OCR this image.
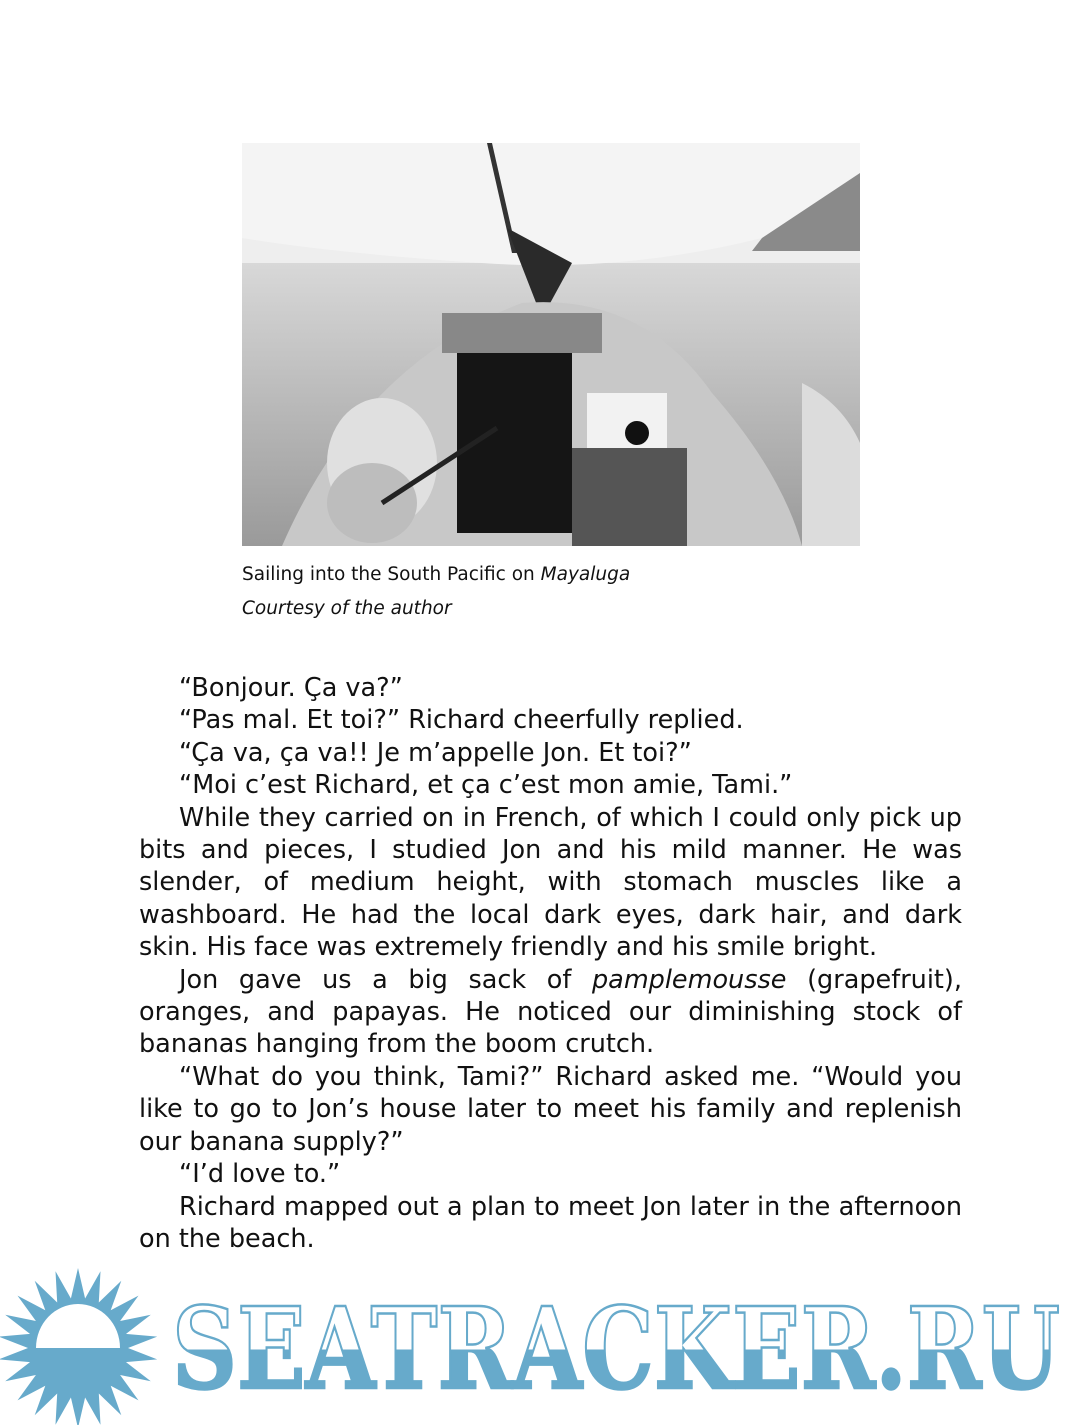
Sailing into the South Pacific on Mayaluga
Courtesy of the author

“Bonjour. Ça va?”

“Pas mal. Et toi?” Richard cheerfully replied.

“Ça va, ça va!! Je m’appelle Jon. Et toi?”

“Moi c’est Richard, et ça c’est mon amie, Tami.”

While they carried on in French, of which I could only pick up bits and pieces, I studied Jon and his mild manner. He was slender, of medium height, with stomach muscles like a washboard. He had the local dark eyes, dark hair, and dark skin. His face was extremely friendly and his smile bright.

Jon gave us a big sack of pamplemousse (grapefruit), oranges, and papayas. He noticed our diminishing stock of bananas hanging from the boom crutch.

“What do you think, Tami?” Richard asked me. “Would you like to go to Jon’s house later to meet his family and replenish our banana supply?”

“I’d love to.”

Richard mapped out a plan to meet Jon later in the afternoon on the beach.

SEATRACKER.RU
